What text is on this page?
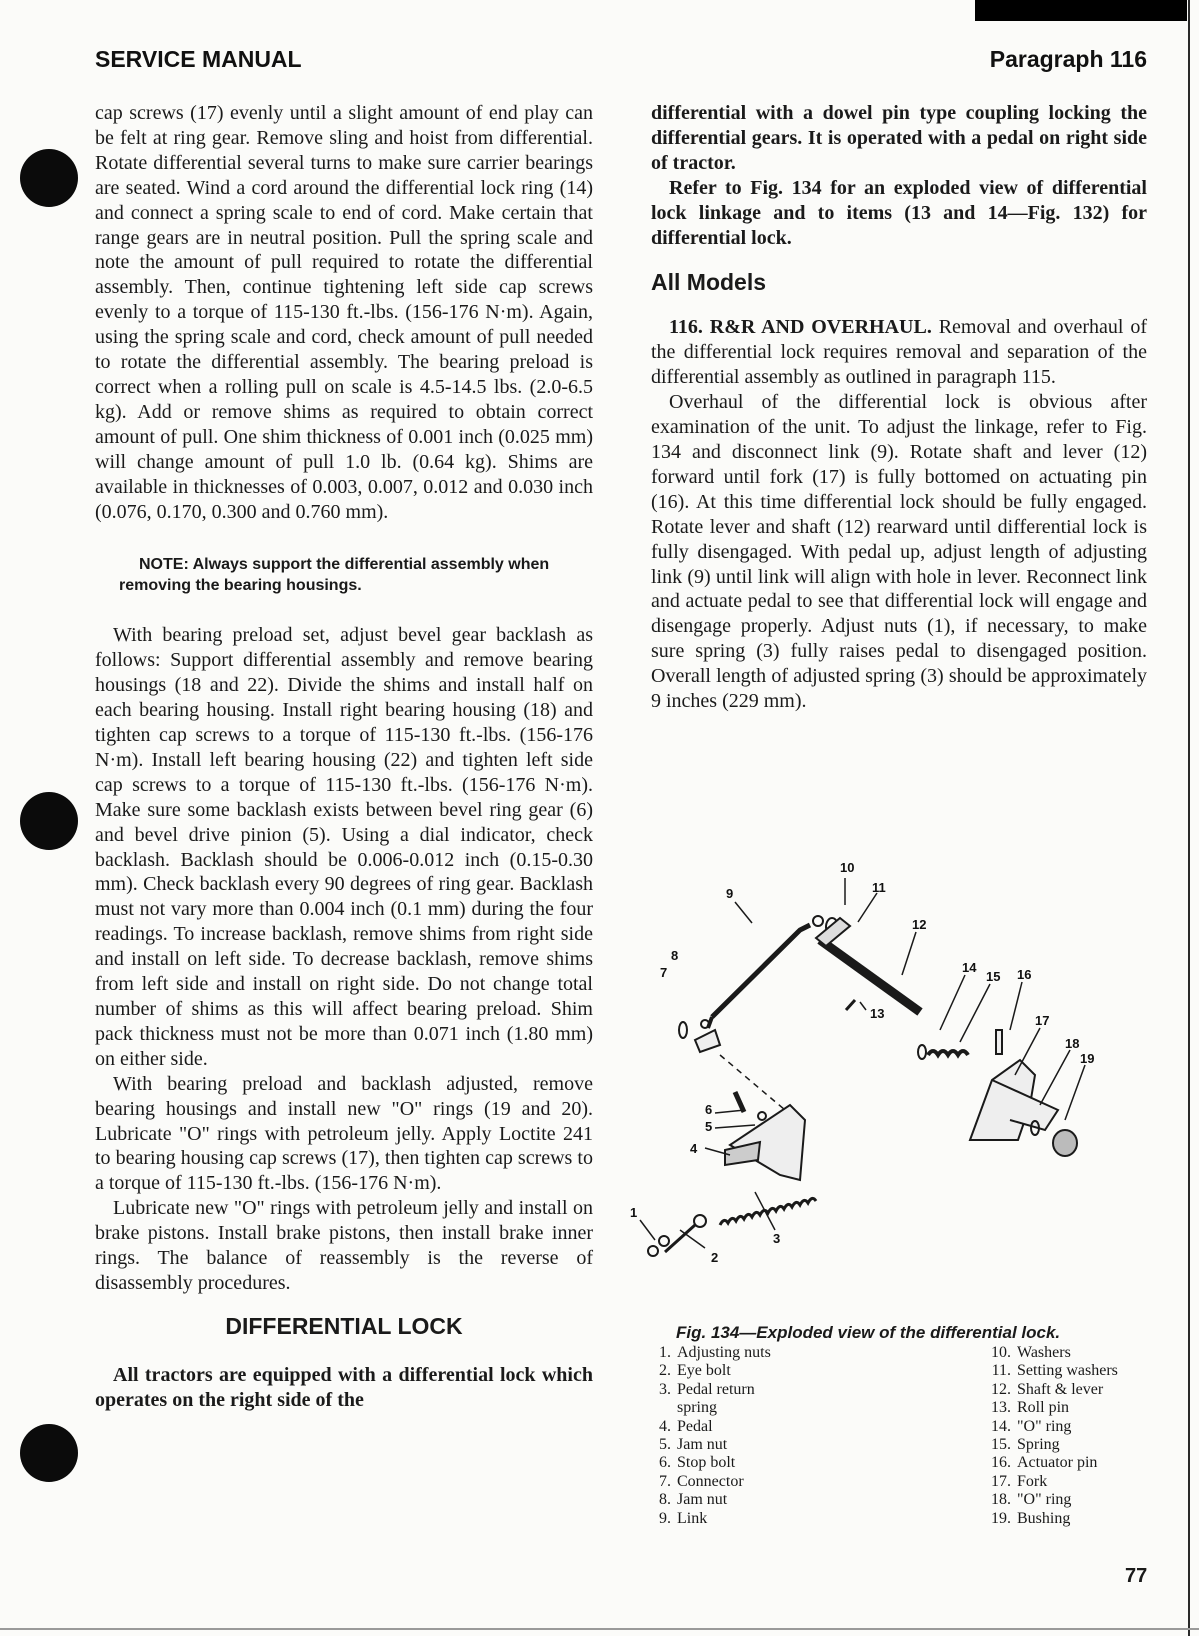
SERVICE MANUAL	Paragraph 116

cap screws (17) evenly until a slight amount of end play can be felt at ring gear. Remove sling and hoist from differential. Rotate differential several turns to make sure carrier bearings are seated. Wind a cord around the differential lock ring (14) and connect a spring scale to end of cord. Make certain that range gears are in neutral position. Pull the spring scale and note the amount of pull required to rotate the differential assembly. Then, continue tightening left side cap screws evenly to a torque of 115-130 ft.-lbs. (156-176 N·m). Again, using the spring scale and cord, check amount of pull needed to rotate the differential assembly. The bearing preload is correct when a rolling pull on scale is 4.5-14.5 lbs. (2.0-6.5 kg). Add or remove shims as required to obtain correct amount of pull. One shim thickness of 0.001 inch (0.025 mm) will change amount of pull 1.0 lb. (0.64 kg). Shims are available in thicknesses of 0.003, 0.007, 0.012 and 0.030 inch (0.076, 0.170, 0.300 and 0.760 mm).

NOTE: Always support the differential assembly when removing the bearing housings.

With bearing preload set, adjust bevel gear backlash as follows: Support differential assembly and remove bearing housings (18 and 22). Divide the shims and install half on each bearing housing. Install right bearing housing (18) and tighten cap screws to a torque of 115-130 ft.-lbs. (156-176 N·m). Install left bearing housing (22) and tighten left side cap screws to a torque of 115-130 ft.-lbs. (156-176 N·m). Make sure some backlash exists between bevel ring gear (6) and bevel drive pinion (5). Using a dial indicator, check backlash. Backlash should be 0.006-0.012 inch (0.15-0.30 mm). Check backlash every 90 degrees of ring gear. Backlash must not vary more than 0.004 inch (0.1 mm) during the four readings. To increase backlash, remove shims from right side and install on left side. To decrease backlash, remove shims from left side and install on right side. Do not change total number of shims as this will affect bearing preload. Shim pack thickness must not be more than 0.071 inch (1.80 mm) on either side.

With bearing preload and backlash adjusted, remove bearing housings and install new "O" rings (19 and 20). Lubricate "O" rings with petroleum jelly. Apply Loctite 241 to bearing housing cap screws (17), then tighten cap screws to a torque of 115-130 ft.-lbs. (156-176 N·m).

Lubricate new "O" rings with petroleum jelly and install on brake pistons. Install brake pistons, then install brake inner rings. The balance of reassembly is the reverse of disassembly procedures.

DIFFERENTIAL LOCK

All tractors are equipped with a differential lock which operates on the right side of the

differential with a dowel pin type coupling locking the differential gears. It is operated with a pedal on right side of tractor.

Refer to Fig. 134 for an exploded view of differential lock linkage and to items (13 and 14—Fig. 132) for differential lock.

All Models

116. R&R AND OVERHAUL. Removal and overhaul of the differential lock requires removal and separation of the differential assembly as outlined in paragraph 115.

Overhaul of the differential lock is obvious after examination of the unit. To adjust the linkage, refer to Fig. 134 and disconnect link (9). Rotate shaft and lever (12) forward until fork (17) is fully bottomed on actuating pin (16). At this time differential lock should be fully engaged. Rotate lever and shaft (12) rearward until differential lock is fully disengaged. With pedal up, adjust length of adjusting link (9) until link will align with hole in lever. Reconnect link and actuate pedal to see that differential lock will engage and disengage properly. Adjust nuts (1), if necessary, to make sure spring (3) fully raises pedal to disengaged position. Overall length of adjusted spring (3) should be approximately 9 inches (229 mm).

10
9	11
12
8
7	14
15 16
13	17
18
19
6
5
4
3
1
2
Fig. 134—Exploded view of the differential lock.
1. Adjusting nuts
2. Eye bolt
3. Pedal return
spring
4. Pedal
5. Jam nut
6. Stop bolt
7. Connector
8. Jam nut
9. Link
10. Washers
11. Setting washers
12. Shaft & lever
13. Roll pin
14. "O" ring
15. Spring
16. Actuator pin
17. Fork
18. "O" ring
19. Bushing
77
